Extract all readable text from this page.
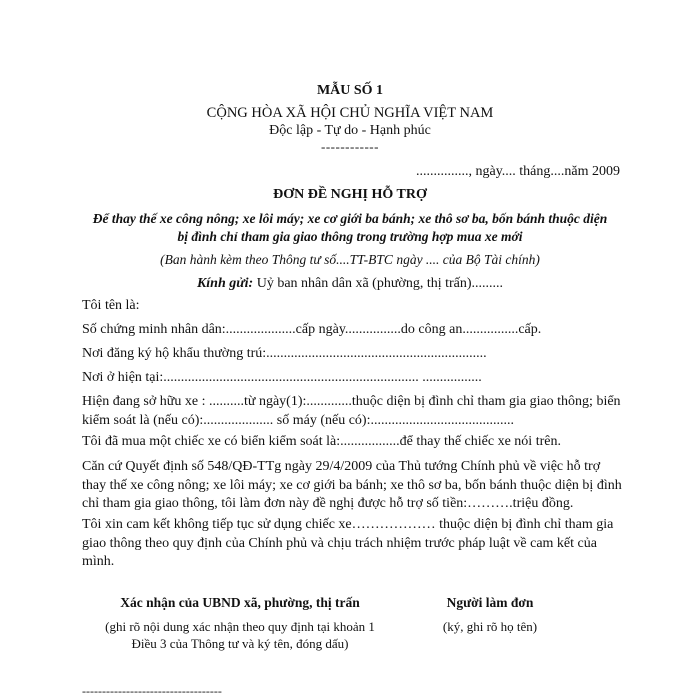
MẪU SỐ 1
CỘNG HÒA XÃ HỘI CHỦ NGHĨA VIỆT NAM
Độc lập - Tự do - Hạnh phúc
------------
..............., ngày.... tháng....năm 2009
ĐƠN ĐỀ NGHỊ HỖ TRỢ
Để thay thế xe công nông; xe lôi máy; xe cơ giới ba bánh; xe thô sơ ba, bốn bánh thuộc diện
bị đình chỉ tham gia giao thông trong trường hợp mua xe mới
(Ban hành kèm theo Thông tư số....TT-BTC ngày .... của Bộ Tài chính)
Kính gửi: Uỷ ban nhân dân xã (phường, thị trấn).........
Tôi tên là:
Số chứng minh nhân dân:....................cấp ngày................do công an................cấp.
Nơi đăng ký hộ khẩu thường trú:...............................................................
Nơi ở hiện tại:......................................................................... .................
Hiện đang sở hữu xe : ..........từ ngày(1):.............thuộc diện bị đình chỉ tham gia giao thông; biển kiểm soát là (nếu có):.................... số máy (nếu có):.........................................
Tôi đã mua một chiếc xe có biển kiểm soát là:.................để thay thế chiếc xe nói trên.
Căn cứ Quyết định số 548/QĐ-TTg ngày 29/4/2009 của Thủ tướng Chính phủ về việc hỗ trợ thay thế xe công nông; xe lôi máy; xe cơ giới ba bánh; xe thô sơ ba, bốn bánh thuộc diện bị đình chỉ tham gia giao thông, tôi làm đơn này đề nghị được hỗ trợ số tiền:……….triệu đồng.
Tôi xin cam kết không tiếp tục sử dụng chiếc xe……………… thuộc diện bị đình chỉ tham gia giao thông theo quy định của Chính phủ và chịu trách nhiệm trước pháp luật về cam kết của mình.
Xác nhận của UBND xã, phường, thị trấn
(ghi rõ nội dung xác nhận theo quy định tại khoản 1
Điều 3 của Thông tư và ký tên, đóng dấu)
Người làm đơn
(ký, ghi rõ họ tên)
-----------------------------------
